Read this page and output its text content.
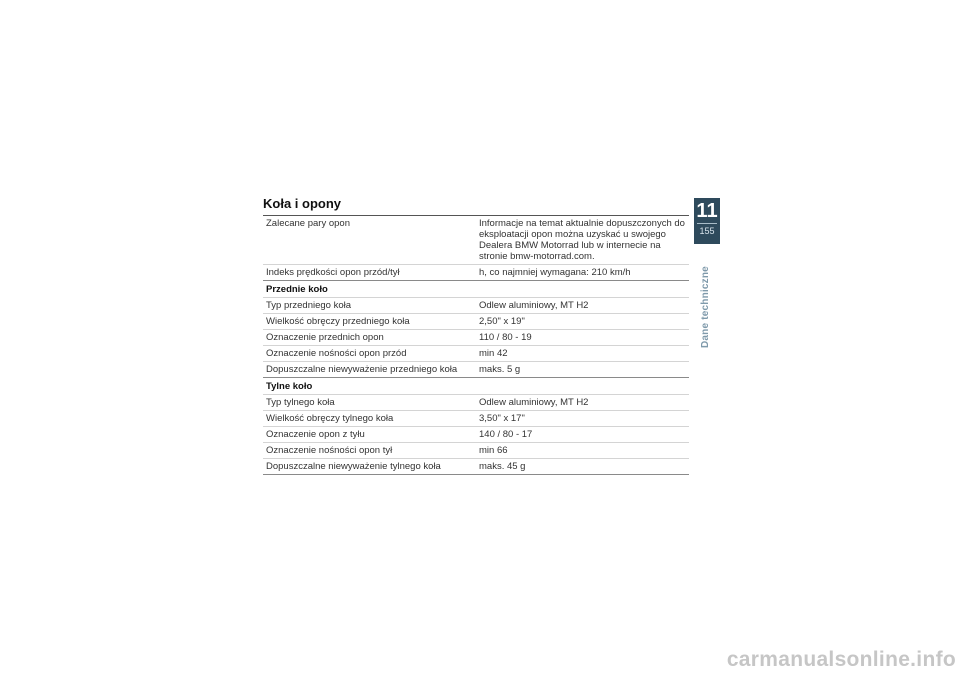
Koła i opony
Zalecane pary opon	Informacje na temat aktualnie dopuszczonych do eksploatacji opon można uzyskać u swojego Dealera BMW Motorrad lub w internecie na stronie bmw-motorrad.com.
Indeks prędkości opon przód/tył	h, co najmniej wymagana: 210 km/h
Przednie koło	
Typ przedniego koła	Odlew aluminiowy, MT H2
Wielkość obręczy przedniego koła	2,50" x 19"
Oznaczenie przednich opon	110 / 80 - 19
Oznaczenie nośności opon przód	min 42
Dopuszczalne niewyważenie przedniego koła	maks. 5 g
Tylne koło	
Typ tylnego koła	Odlew aluminiowy, MT H2
Wielkość obręczy tylnego koła	3,50" x 17"
Oznaczenie opon z tyłu	140 / 80 - 17
Oznaczenie nośności opon tył	min 66
Dopuszczalne niewyważenie tylnego koła	maks. 45 g
11
155
Dane techniczne
carmanualsonline.info
